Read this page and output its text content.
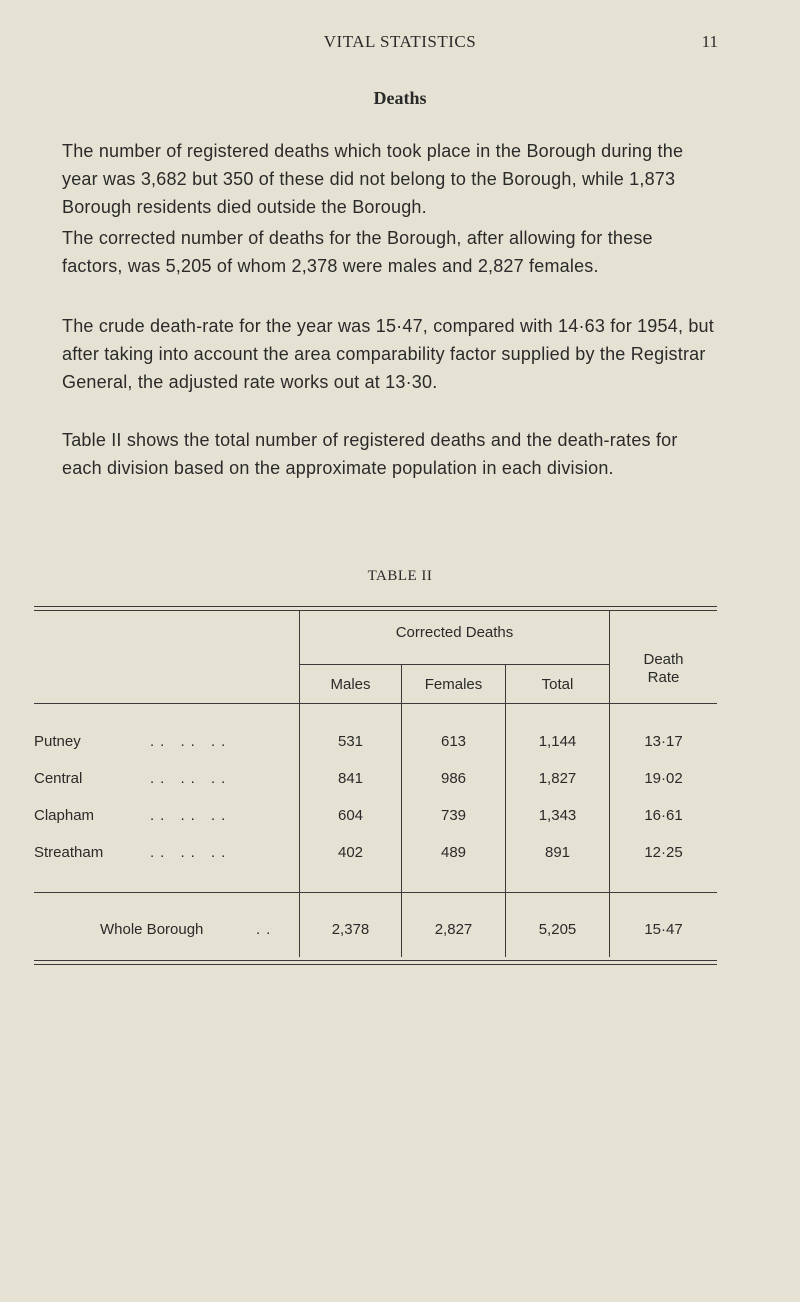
VITAL STATISTICS	11
Deaths
The number of registered deaths which took place in the Borough during the year was 3,682 but 350 of these did not belong to the Borough, while 1,873 Borough residents died outside the Borough.
The corrected number of deaths for the Borough, after allowing for these factors, was 5,205 of whom 2,378 were males and 2,827 females.
The crude death-rate for the year was 15·47, compared with 14·63 for 1954, but after taking into account the area comparability factor supplied by the Registrar General, the adjusted rate works out at 13·30.
Table II shows the total number of registered deaths and the death-rates for each division based on the approximate population in each division.
TABLE II
Corrected Deaths
Males	Females	Total
Death
Rate
Putney	.. .. ..	531	613	1,144	13·17
Central	.. .. ..	841	986	1,827	19·02
Clapham	.. .. ..	604	739	1,343	16·61
Streatham	.. .. ..	402	489	891	12·25
Whole Borough	..	2,378	2,827	5,205	15·47
